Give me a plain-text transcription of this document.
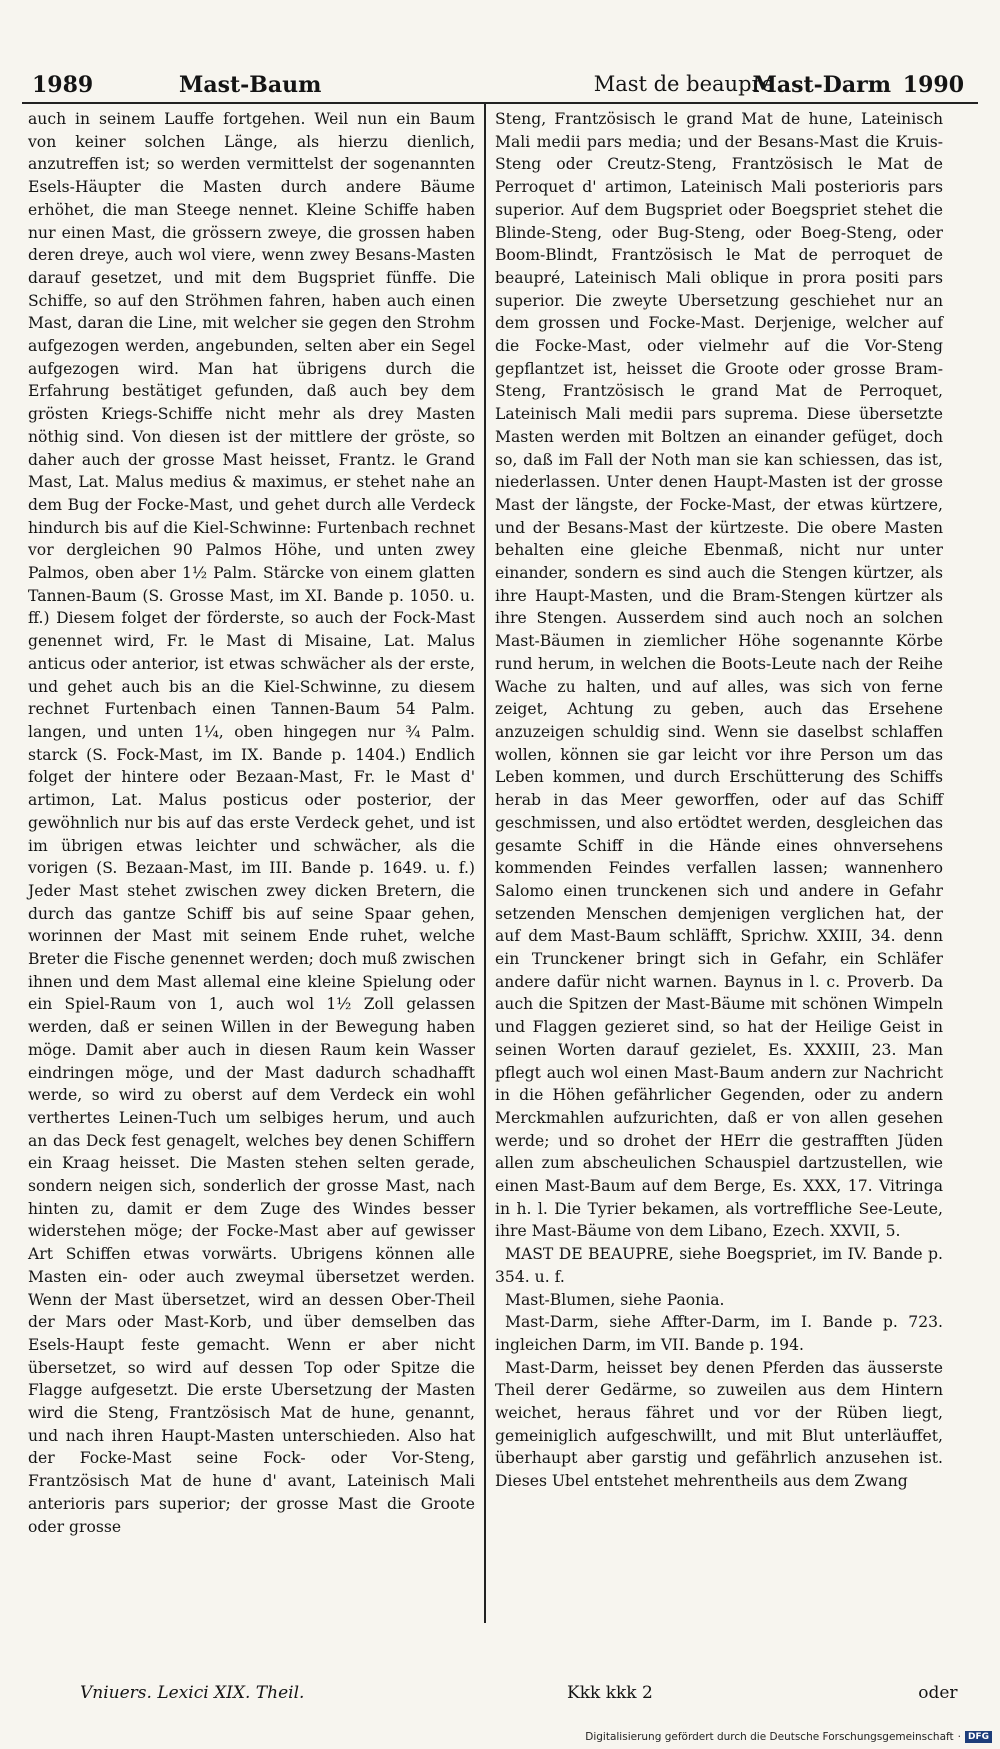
1989	Mast-Baum	Mast de beaupre
Mast-Darm 1990

auch in seinem Lauffe fortgehen. Weil nun ein Baum von keiner solchen Länge, als hierzu dienlich, anzutreffen ist; so werden vermittelst der sogenannten Esels-Häupter die Masten durch andere Bäume erhöhet, die man Steege nennet. Kleine Schiffe haben nur einen Mast, die grössern zweye, die grossen haben deren dreye, auch wol viere, wenn zwey Besans-Masten darauf gesetzet, und mit dem Bugspriet fünffe. Die Schiffe, so auf den Ströhmen fahren, haben auch einen Mast, daran die Line, mit welcher sie gegen den Strohm aufgezogen werden, angebunden, selten aber ein Segel aufgezogen wird. Man hat übrigens durch die Erfahrung bestätiget gefunden, daß auch bey dem grösten Kriegs-Schiffe nicht mehr als drey Masten nöthig sind. Von diesen ist der mittlere der gröste, so daher auch der grosse Mast heisset, Frantz. le Grand Mast, Lat. Malus medius & maximus, er stehet nahe an dem Bug der Focke-Mast, und gehet durch alle Verdeck hindurch bis auf die Kiel-Schwinne: Furtenbach rechnet vor dergleichen 90 Palmos Höhe, und unten zwey Palmos, oben aber 1½ Palm. Stärcke von einem glatten Tannen-Baum (S. Grosse Mast, im XI. Bande p. 1050. u. ff.) Diesem folget der förderste, so auch der Fock-Mast genennet wird, Fr. le Mast di Misaine, Lat. Malus anticus oder anterior, ist etwas schwächer als der erste, und gehet auch bis an die Kiel-Schwinne, zu diesem rechnet Furtenbach einen Tannen-Baum 54 Palm. langen, und unten 1¼, oben hingegen nur ¾ Palm. starck (S. Fock-Mast, im IX. Bande p. 1404.) Endlich folget der hintere oder Bezaan-Mast, Fr. le Mast d' artimon, Lat. Malus posticus oder posterior, der gewöhnlich nur bis auf das erste Verdeck gehet, und ist im übrigen etwas leichter und schwächer, als die vorigen (S. Bezaan-Mast, im III. Bande p. 1649. u. f.) Jeder Mast stehet zwischen zwey dicken Bretern, die durch das gantze Schiff bis auf seine Spaar gehen, worinnen der Mast mit seinem Ende ruhet, welche Breter die Fische genennet werden; doch muß zwischen ihnen und dem Mast allemal eine kleine Spielung oder ein Spiel-Raum von 1, auch wol 1½ Zoll gelassen werden, daß er seinen Willen in der Bewegung haben möge. Damit aber auch in diesen Raum kein Wasser eindringen möge, und der Mast dadurch schadhafft werde, so wird zu oberst auf dem Verdeck ein wohl verthertes Leinen-Tuch um selbiges herum, und auch an das Deck fest genagelt, welches bey denen Schiffern ein Kraag heisset. Die Masten stehen selten gerade, sondern neigen sich, sonderlich der grosse Mast, nach hinten zu, damit er dem Zuge des Windes besser widerstehen möge; der Focke-Mast aber auf gewisser Art Schiffen etwas vorwärts. Ubrigens können alle Masten ein- oder auch zweymal übersetzet werden. Wenn der Mast übersetzet, wird an dessen Ober-Theil der Mars oder Mast-Korb, und über demselben das Esels-Haupt feste gemacht. Wenn er aber nicht übersetzet, so wird auf dessen Top oder Spitze die Flagge aufgesetzt. Die erste Ubersetzung der Masten wird die Steng, Frantzösisch Mat de hune, genannt, und nach ihren Haupt-Masten unterschieden. Also hat der Focke-Mast seine Fock- oder Vor-Steng, Frantzösisch Mat de hune d' avant, Lateinisch Mali anterioris pars superior; der grosse Mast die Groote oder grosse

Steng, Frantzösisch le grand Mat de hune, Lateinisch Mali medii pars media; und der Besans-Mast die Kruis-Steng oder Creutz-Steng, Frantzösisch le Mat de Perroquet d' artimon, Lateinisch Mali posterioris pars superior. Auf dem Bugspriet oder Boegspriet stehet die Blinde-Steng, oder Bug-Steng, oder Boeg-Steng, oder Boom-Blindt, Frantzösisch le Mat de perroquet de beaupré, Lateinisch Mali oblique in prora positi pars superior. Die zweyte Ubersetzung geschiehet nur an dem grossen und Focke-Mast. Derjenige, welcher auf die Focke-Mast, oder vielmehr auf die Vor-Steng gepflantzet ist, heisset die Groote oder grosse Bram-Steng, Frantzösisch le grand Mat de Perroquet, Lateinisch Mali medii pars suprema. Diese übersetzte Masten werden mit Boltzen an einander gefüget, doch so, daß im Fall der Noth man sie kan schiessen, das ist, niederlassen. Unter denen Haupt-Masten ist der grosse Mast der längste, der Focke-Mast, der etwas kürtzere, und der Besans-Mast der kürtzeste. Die obere Masten behalten eine gleiche Ebenmaß, nicht nur unter einander, sondern es sind auch die Stengen kürtzer, als ihre Haupt-Masten, und die Bram-Stengen kürtzer als ihre Stengen. Ausserdem sind auch noch an solchen Mast-Bäumen in ziemlicher Höhe sogenannte Körbe rund herum, in welchen die Boots-Leute nach der Reihe Wache zu halten, und auf alles, was sich von ferne zeiget, Achtung zu geben, auch das Ersehene anzuzeigen schuldig sind. Wenn sie daselbst schlaffen wollen, können sie gar leicht vor ihre Person um das Leben kommen, und durch Erschütterung des Schiffs herab in das Meer geworffen, oder auf das Schiff geschmissen, und also ertödtet werden, desgleichen das gesamte Schiff in die Hände eines ohnversehens kommenden Feindes verfallen lassen; wannenhero Salomo einen trunckenen sich und andere in Gefahr setzenden Menschen demjenigen verglichen hat, der auf dem Mast-Baum schläfft, Sprichw. XXIII, 34. denn ein Trunckener bringt sich in Gefahr, ein Schläfer andere dafür nicht warnen. Baynus in l. c. Proverb. Da auch die Spitzen der Mast-Bäume mit schönen Wimpeln und Flaggen gezieret sind, so hat der Heilige Geist in seinen Worten darauf gezielet, Es. XXXIII, 23. Man pflegt auch wol einen Mast-Baum andern zur Nachricht in die Höhen gefährlicher Gegenden, oder zu andern Merckmahlen aufzurichten, daß er von allen gesehen werde; und so drohet der HErr die gestrafften Jüden allen zum abscheulichen Schauspiel dartzustellen, wie einen Mast-Baum auf dem Berge, Es. XXX, 17. Vitringa in h. l. Die Tyrier bekamen, als vortreffliche See-Leute, ihre Mast-Bäume von dem Libano, Ezech. XXVII, 5.

MAST DE BEAUPRE, siehe Boegspriet, im IV. Bande p. 354. u. f.

Mast-Blumen, siehe Paonia.

Mast-Darm, siehe Affter-Darm, im I. Bande p. 723. ingleichen Darm, im VII. Bande p. 194.

Mast-Darm, heisset bey denen Pferden das äusserste Theil derer Gedärme, so zuweilen aus dem Hintern weichet, heraus fähret und vor der Rüben liegt, gemeiniglich aufgeschwillt, und mit Blut unterläuffet, überhaupt aber garstig und gefährlich anzusehen ist. Dieses Ubel entstehet mehrentheils aus dem Zwang

Vniuers. Lexici XIX. Theil.	Kkk kkk 2	oder
Digitalisierung gefördert durch die Deutsche Forschungsgemeinschaft · DFG
